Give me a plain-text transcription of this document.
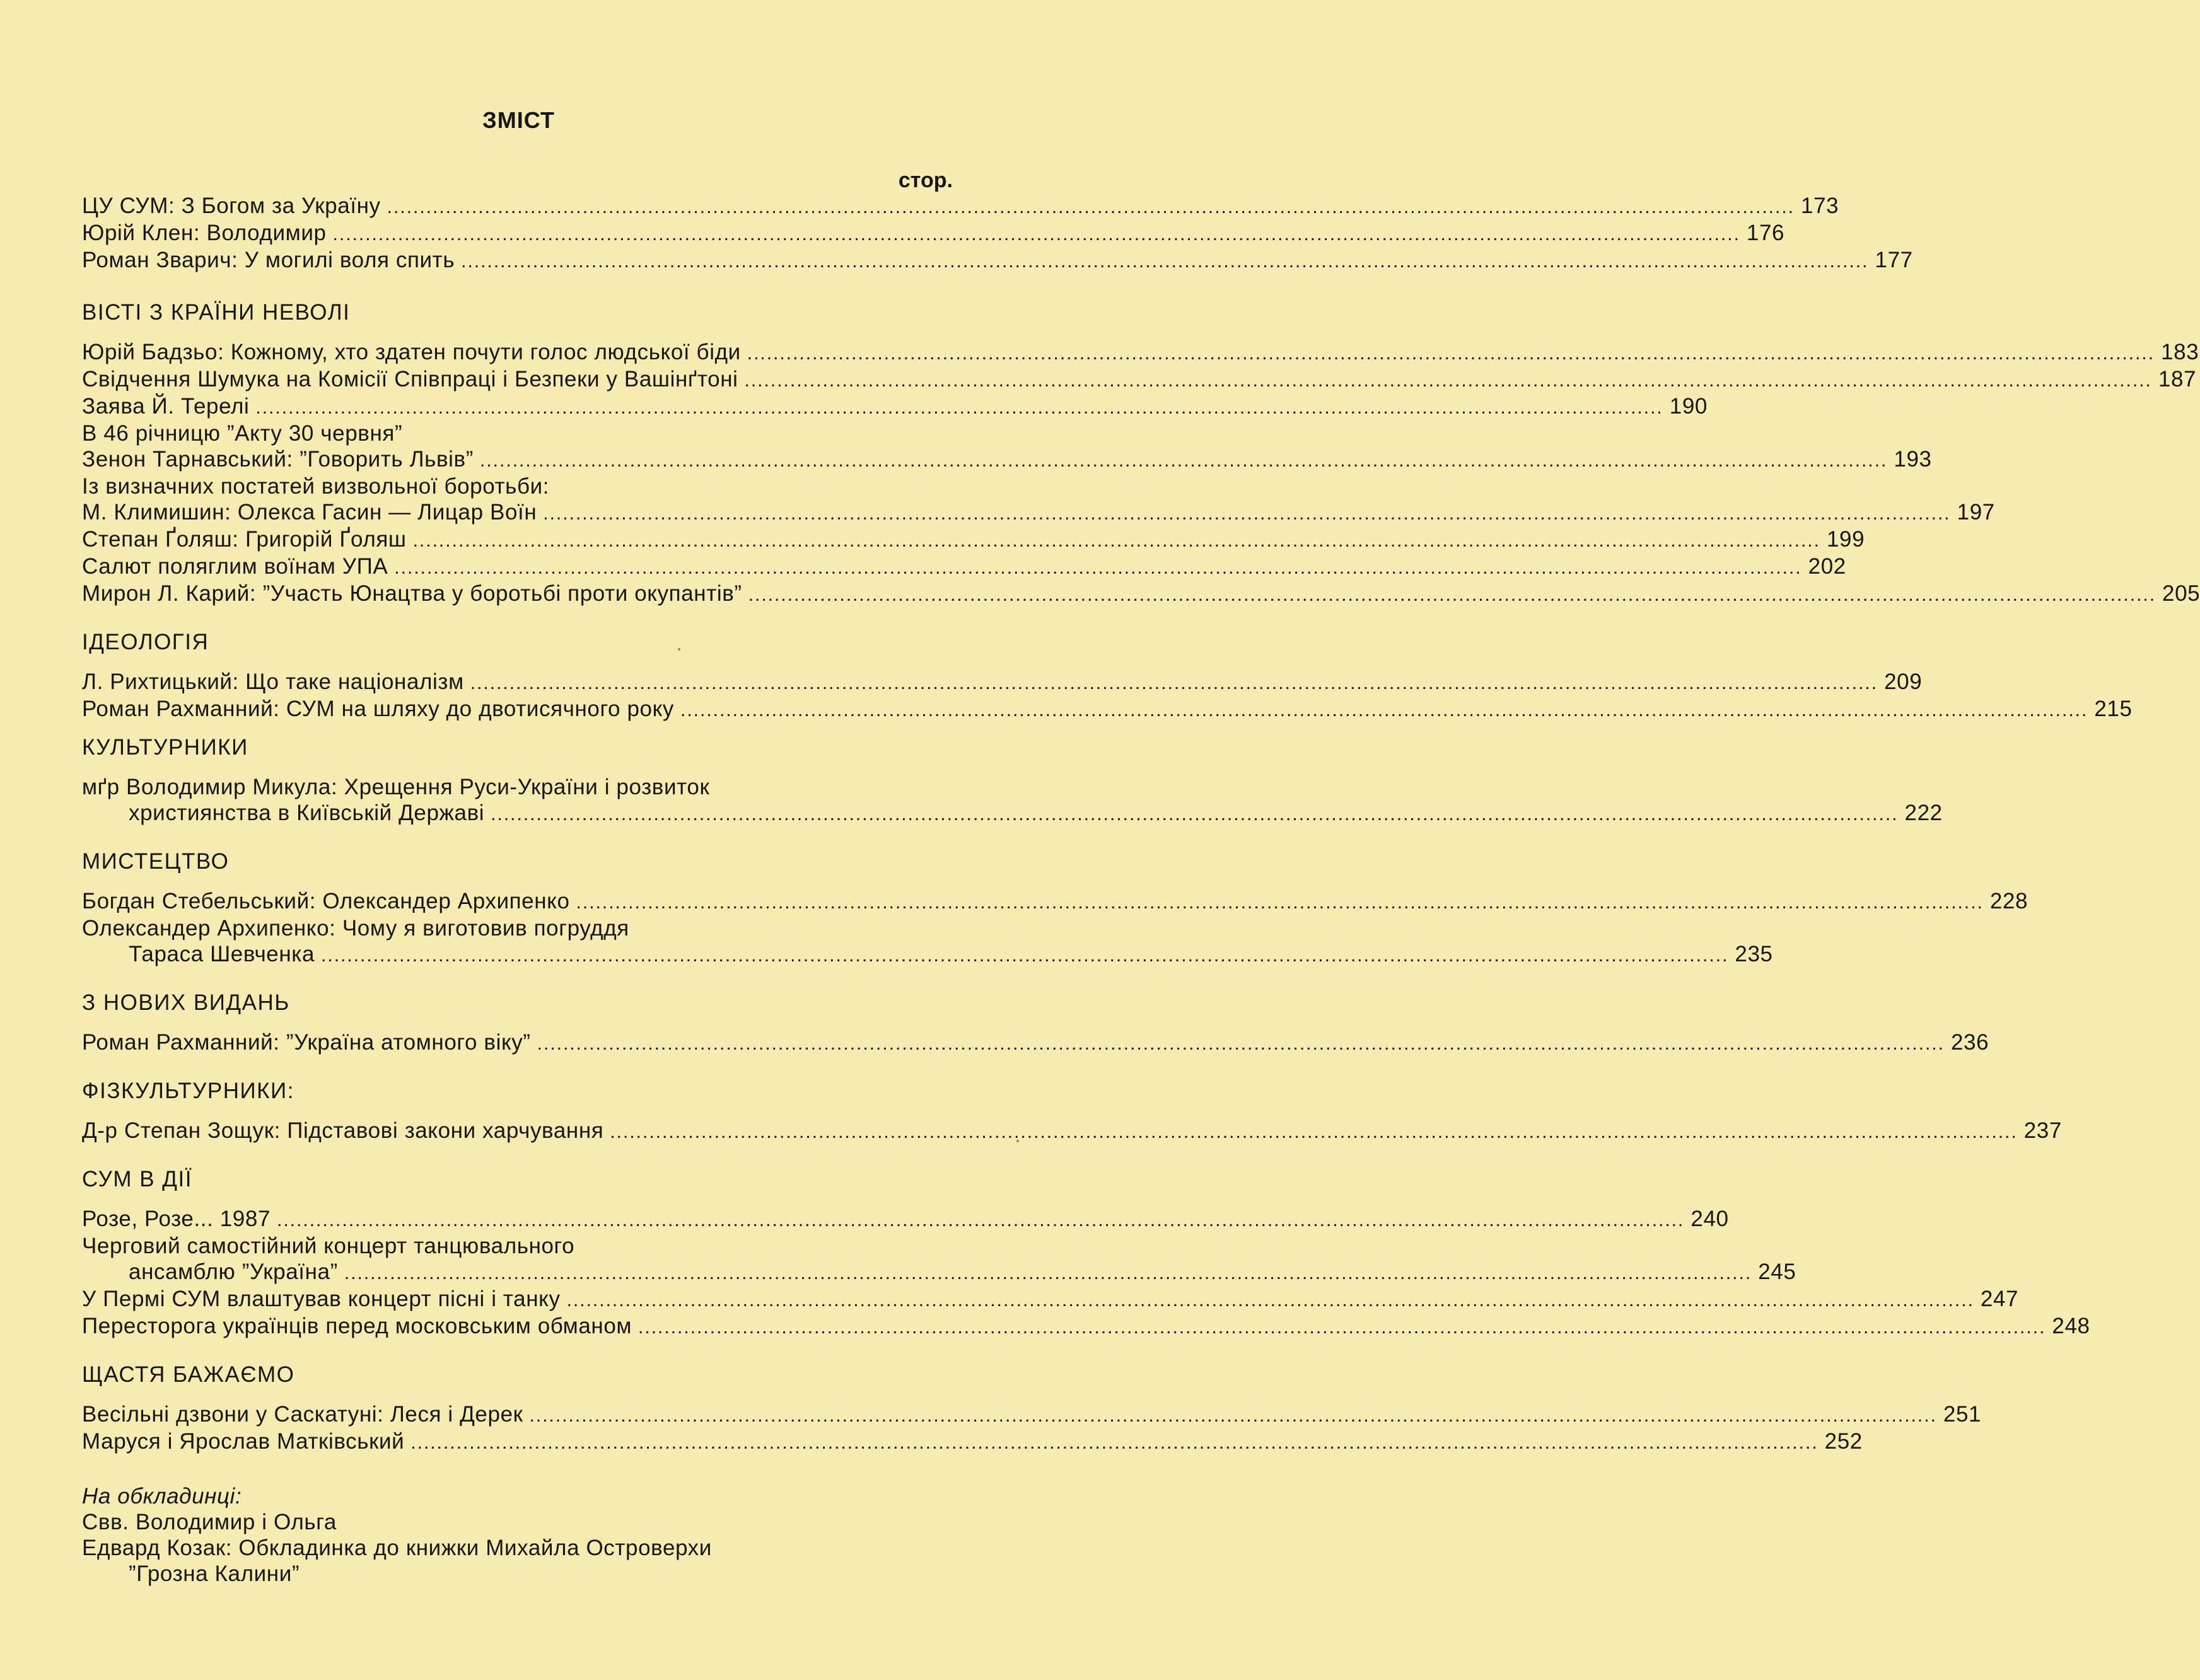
ЗМІСТ
стор.
ЦУ СУМ: З Богом за Україну .....	173
Юрій Клен: Володимир .....	176
Роман Зварич: У могилі воля спить .....	177
ВІСТІ З КРАЇНИ НЕВОЛІ
Юрій Бадзьо: Кожному, хто здатен почути голос людської біди .....	183
Свідчення Шумука на Комісії Співпраці і Безпеки у Вашінґтоні .....	187
Заява Й. Терелі .....	190
В 46 річницю ”Акту 30 червня”
Зенон Тарнавський: ”Говорить Львів” .....	193
Із визначних постатей визвольної боротьби:
М. Климишин: Олекса Гасин — Лицар Воїн .....	197
Степан Ґоляш: Григорій Ґоляш .....	199
Салют поляглим воїнам УПА .....	202
Мирон Л. Карий: ”Участь Юнацтва у боротьбі проти окупантів” .....	205
ІДЕОЛОГІЯ
Л. Рихтицький: Що таке націоналізм .....	209
Роман Рахманний: СУМ на шляху до двотисячного року .....	215
КУЛЬТУРНИКИ
мґр Володимир Микула: Хрещення Руси-України і розвиток
християнства в Київській Державі .....	222
МИСТЕЦТВО
Богдан Стебельський: Олександер Архипенко .....	228
Олександер Архипенко: Чому я виготовив погруддя
Тараса Шевченка .....	235
З НОВИХ ВИДАНЬ
Роман Рахманний: ”Україна атомного віку” .....	236
ФІЗКУЛЬТУРНИКИ:
Д-р Степан Зощук: Підставові закони харчування .....	237
СУМ В ДІЇ
Розе, Розе... 1987 .....	240
Черговий самостійний концерт танцювального
ансамблю ”Україна” .....	245
У Пермі СУМ влаштував концерт пісні і танку .....	247
Пересторога українців перед московським обманом .....	248
ЩАСТЯ БАЖАЄМО
Весільні дзвони у Саскатуні: Леся і Дерек .....	251
Маруся і Ярослав Матківський .....	252
На обкладинці:
Свв. Володимир і Ольга
Едвард Козак: Обкладинка до книжки Михайла Островерхи
”Грозна Калини”
